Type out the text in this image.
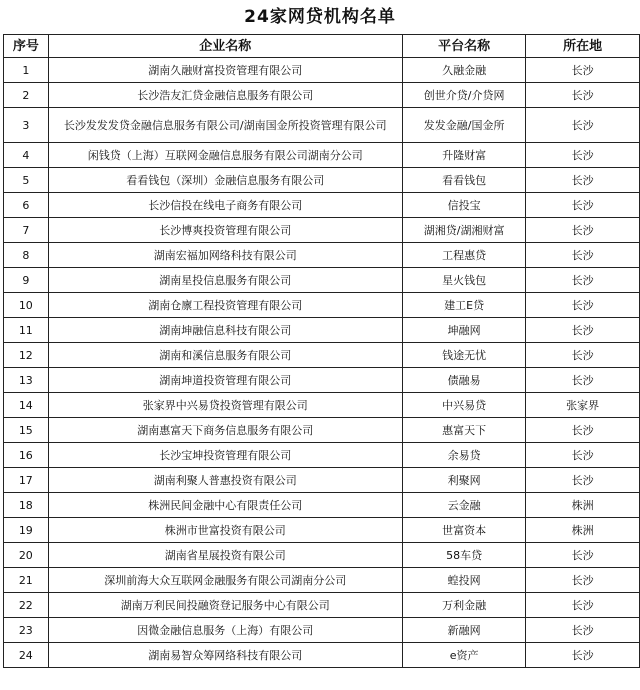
24家网贷机构名单
序号	企业名称	平台名称	所在地
1	湖南久融财富投资管理有限公司	久融金融	长沙
2	长沙浩友汇贷金融信息服务有限公司	创世介贷/介贷网	长沙
3	长沙发发发贷金融信息服务有限公司/湖南国金所投资管理有限公司	发发金融/国金所	长沙
4	闲钱贷（上海）互联网金融信息服务有限公司湖南分公司	升隆财富	长沙
5	看看钱包（深圳）金融信息服务有限公司	看看钱包	长沙
6	长沙信投在线电子商务有限公司	信投宝	长沙
7	长沙博爽投资管理有限公司	湖湘贷/湖湘财富	长沙
8	湖南宏福加网络科技有限公司	工程惠贷	长沙
9	湖南星投信息服务有限公司	星火钱包	长沙
10	湖南仓廪工程投资管理有限公司	建工E贷	长沙
11	湖南坤融信息科技有限公司	坤融网	长沙
12	湖南和溪信息服务有限公司	钱途无忧	长沙
13	湖南坤道投资管理有限公司	债融易	长沙
14	张家界中兴易贷投资管理有限公司	中兴易贷	张家界
15	湖南惠富天下商务信息服务有限公司	惠富天下	长沙
16	长沙宝坤投资管理有限公司	余易贷	长沙
17	湖南利聚人普惠投资有限公司	利聚网	长沙
18	株洲民间金融中心有限责任公司	云金融	株洲
19	株洲市世富投资有限公司	世富资本	株洲
20	湖南省星展投资有限公司	58车贷	长沙
21	深圳前海大众互联网金融服务有限公司湖南分公司	蝗投网	长沙
22	湖南万利民间投融资登记服务中心有限公司	万利金融	长沙
23	因微金融信息服务（上海）有限公司	新融网	长沙
24	湖南易智众筹网络科技有限公司	e资产	长沙
